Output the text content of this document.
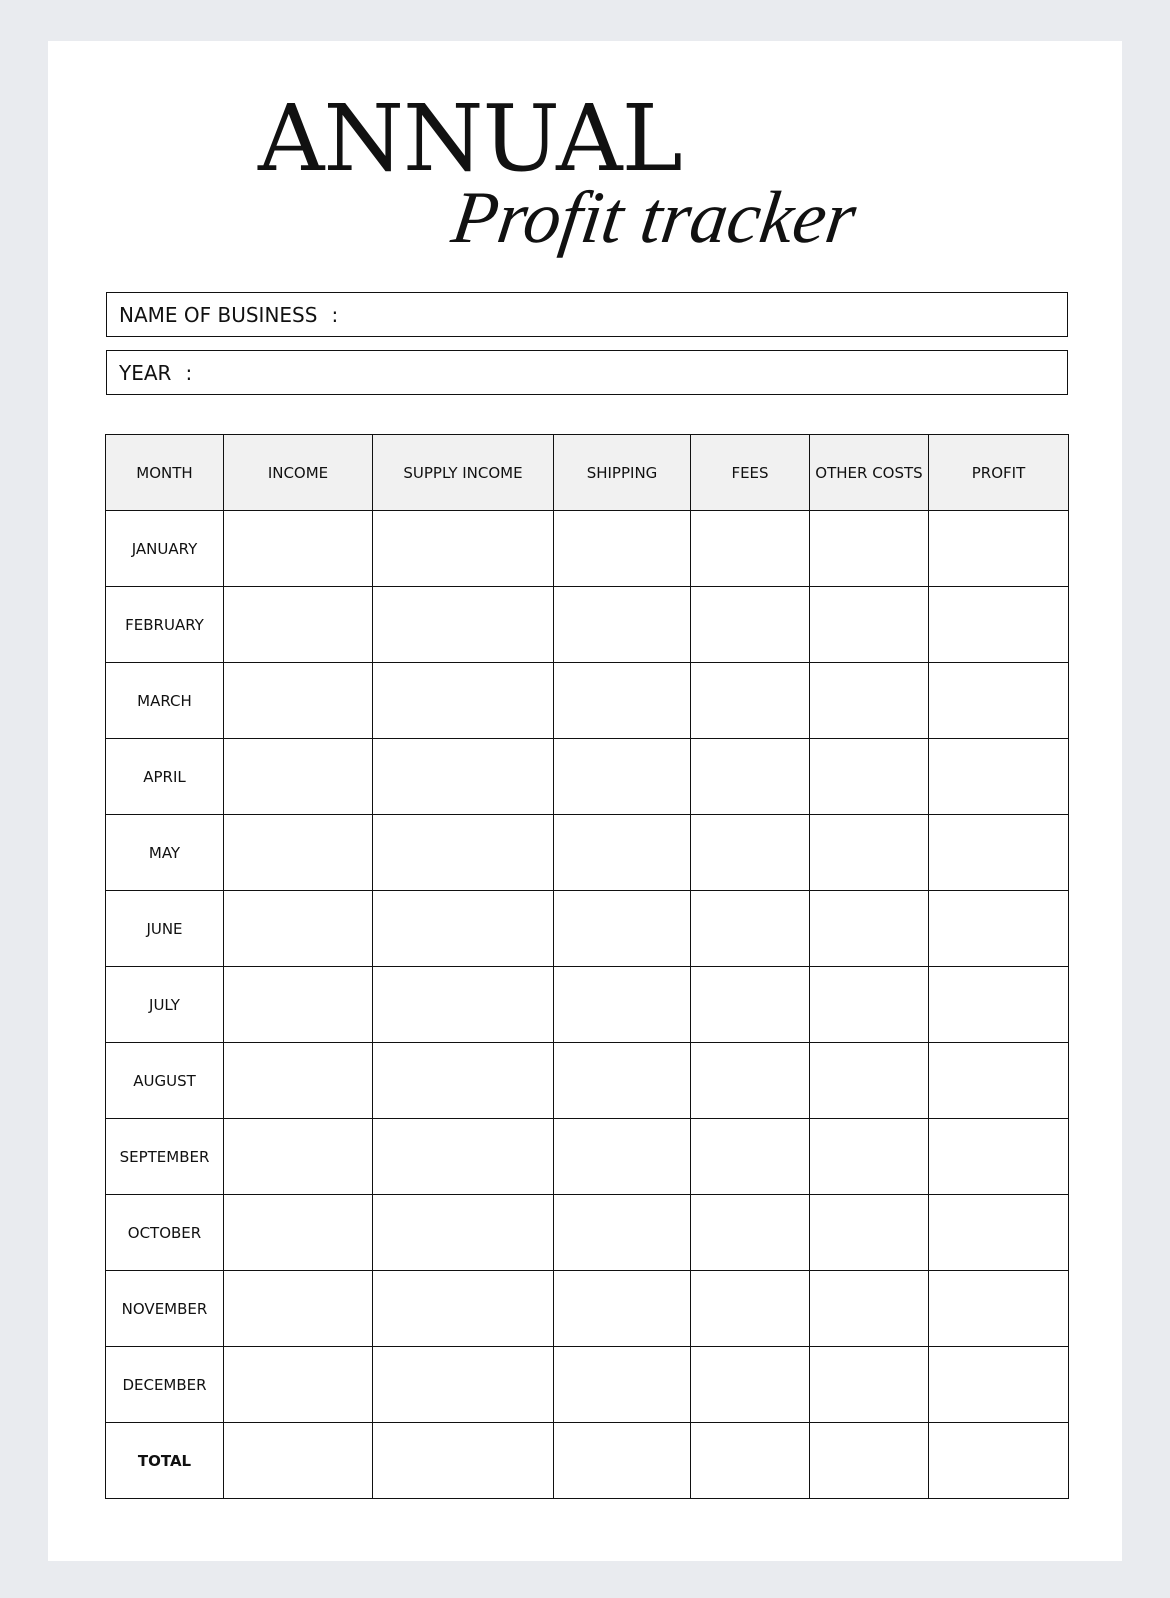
ANNUAL
Profit tracker
NAME OF BUSINESS :
YEAR :
MONTH	INCOME	SUPPLY INCOME	SHIPPING	FEES	OTHER COSTS	PROFIT
JANUARY						
FEBRUARY						
MARCH						
APRIL						
MAY						
JUNE						
JULY						
AUGUST						
SEPTEMBER						
OCTOBER						
NOVEMBER						
DECEMBER						
TOTAL						
